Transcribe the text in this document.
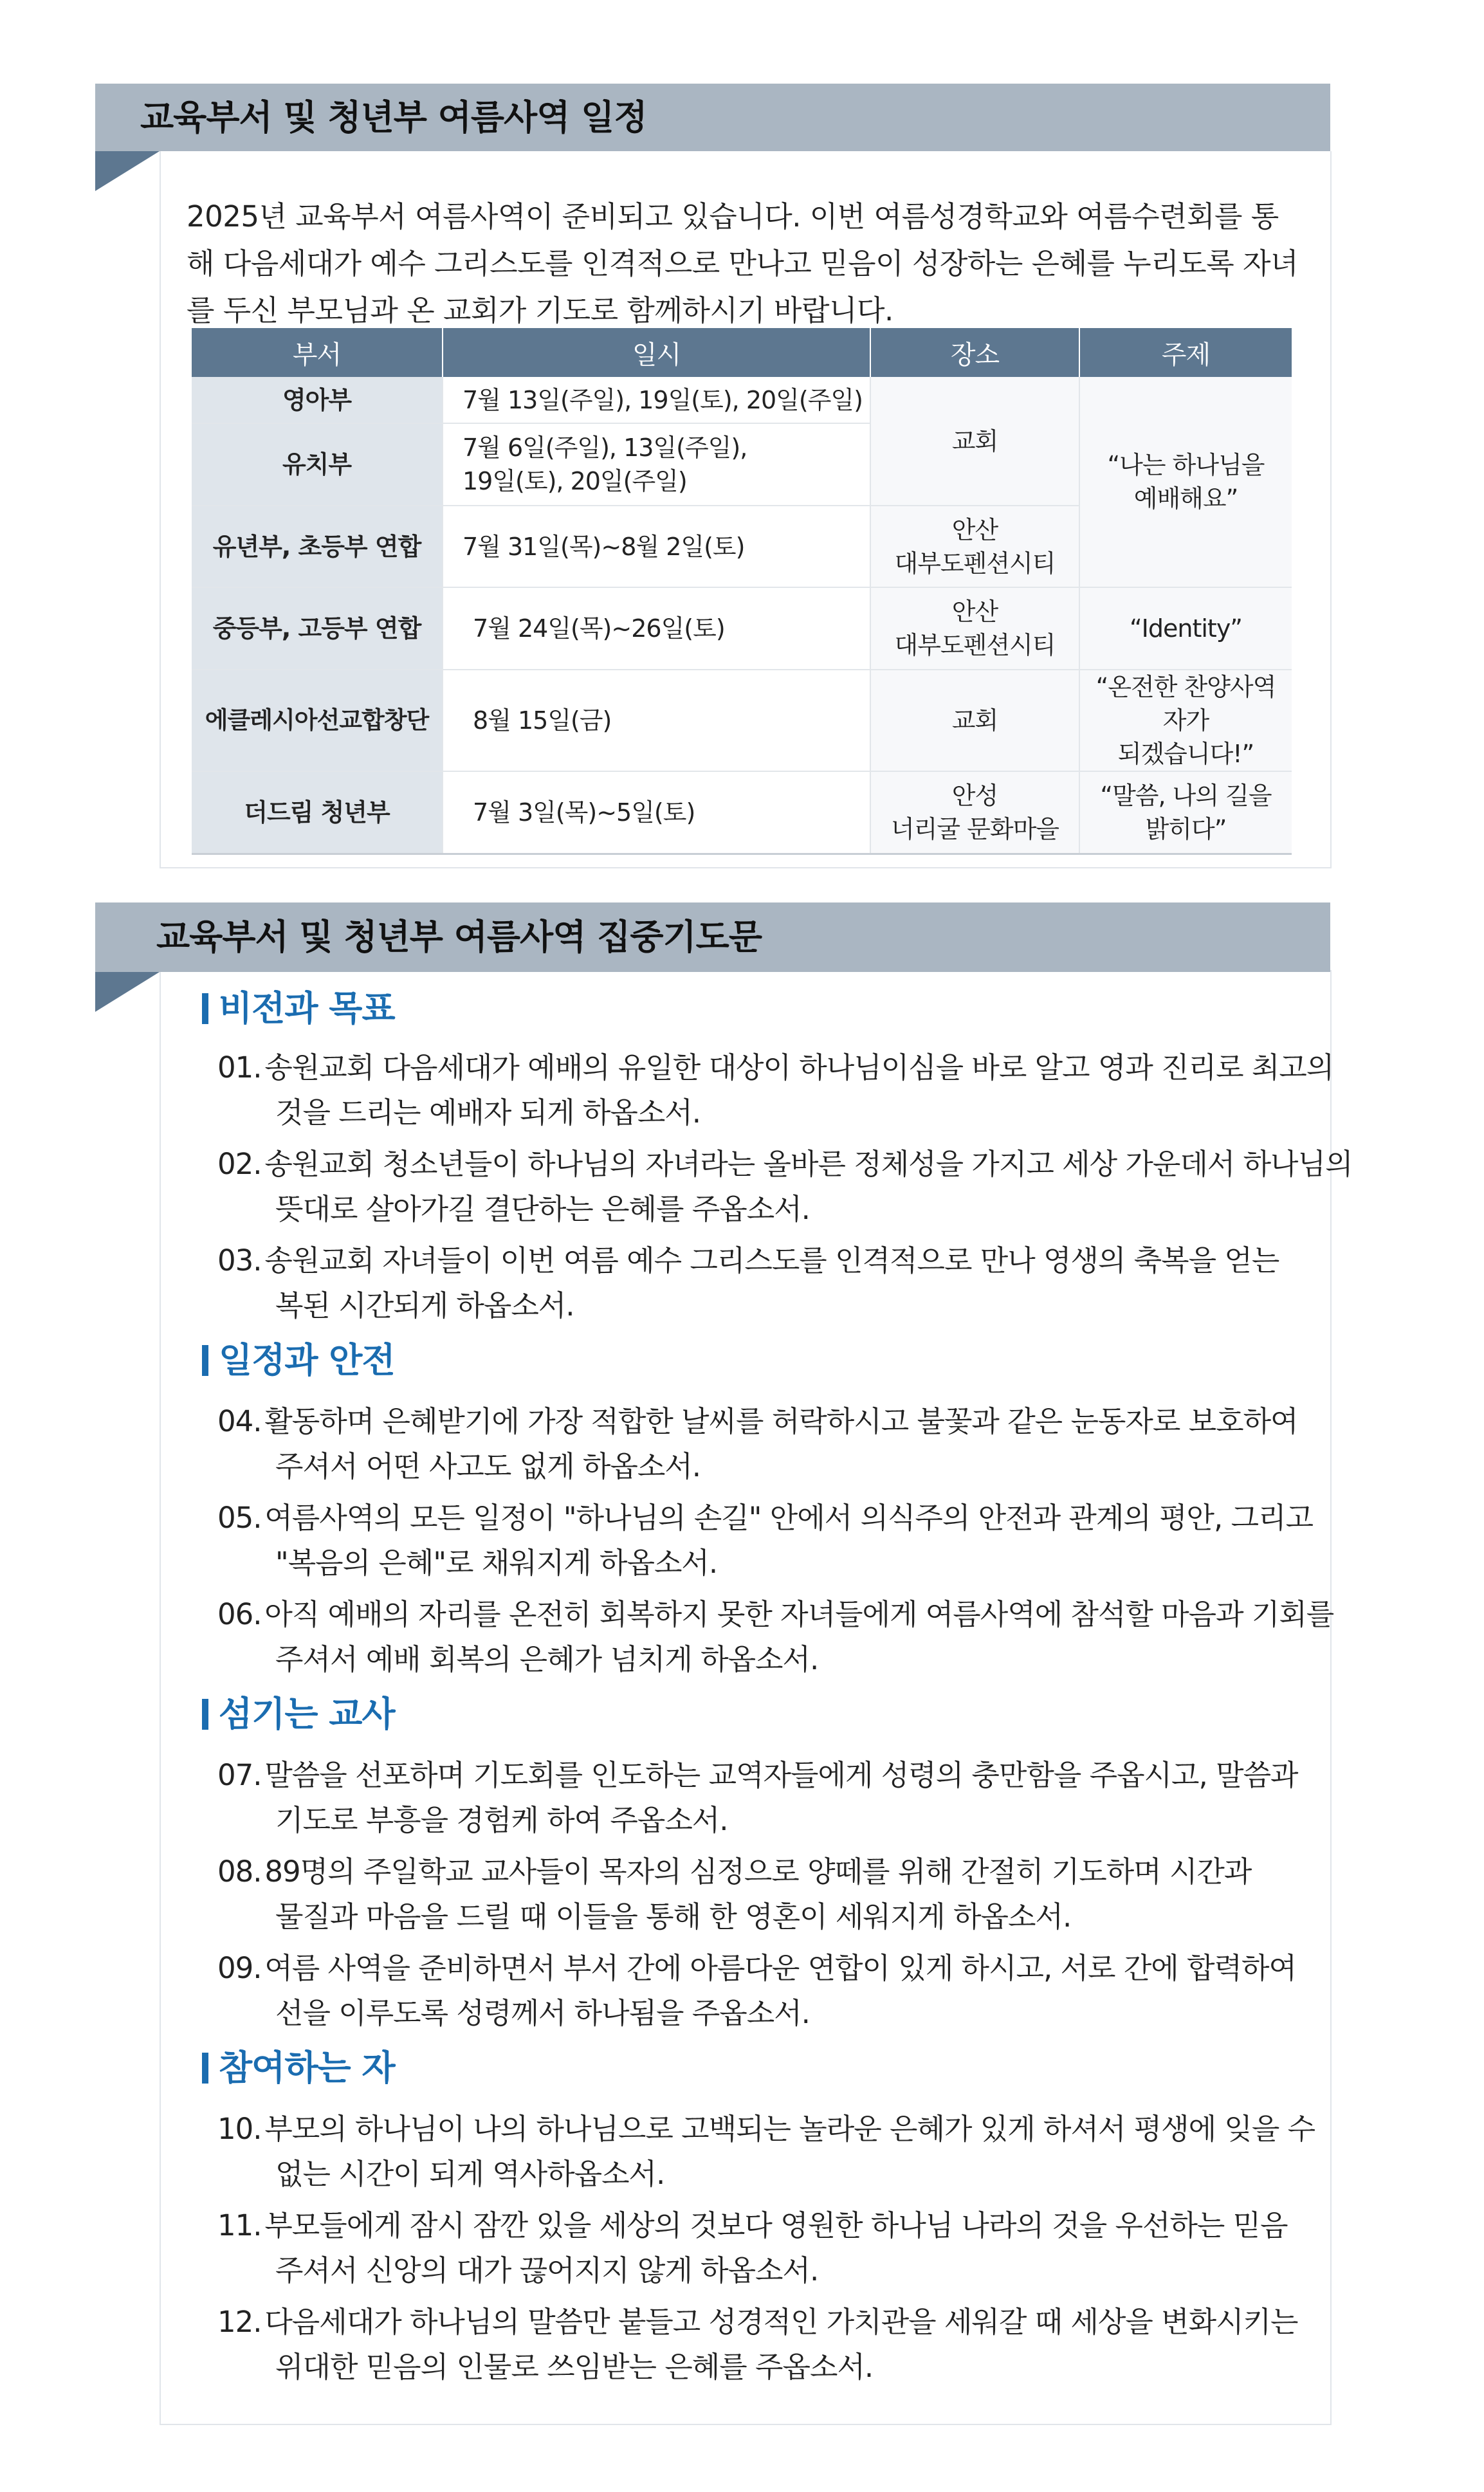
교육부서 및 청년부 여름사역 일정

2025년 교육부서 여름사역이 준비되고 있습니다. 이번 여름성경학교와 여름수련회를 통해 다음세대가 예수 그리스도를 인격적으로 만나고 믿음이 성장하는 은혜를 누리도록 자녀를 두신 부모님과 온 교회가 기도로 함께하시기 바랍니다.

부서	일시	장소	주제
영아부	7월 13일(주일), 19일(토), 20일(주일)	교회	“나는 하나님을
예배해요”
유치부	7월 6일(주일), 13일(주일),
19일(토), 20일(주일)		
유년부, 초등부 연합	7월 31일(목)~8월 2일(토)	안산
대부도펜션시티	
중등부, 고등부 연합	7월 24일(목)~26일(토)	안산
대부도펜션시티	“Identity”
에클레시아선교합창단	8월 15일(금)	교회	“온전한 찬양사역자가
되겠습니다!”
더드림 청년부	7월 3일(목)~5일(토)	안성
너리굴 문화마을	“말씀, 나의 길을
밝히다”
교육부서 및 청년부 여름사역 집중기도문
비전과 목표

01. 송원교회 다음세대가 예배의 유일한 대상이 하나님이심을 바로 알고 영과 진리로 최고의
것을 드리는 예배자 되게 하옵소서.

02. 송원교회 청소년들이 하나님의 자녀라는 올바른 정체성을 가지고 세상 가운데서 하나님의
뜻대로 살아가길 결단하는 은혜를 주옵소서.

03. 송원교회 자녀들이 이번 여름 예수 그리스도를 인격적으로 만나 영생의 축복을 얻는
복된 시간되게 하옵소서.

일정과 안전

04. 활동하며 은혜받기에 가장 적합한 날씨를 허락하시고 불꽃과 같은 눈동자로 보호하여
주셔서 어떤 사고도 없게 하옵소서.

05. 여름사역의 모든 일정이 "하나님의 손길" 안에서 의식주의 안전과 관계의 평안, 그리고
"복음의 은혜"로 채워지게 하옵소서.

06. 아직 예배의 자리를 온전히 회복하지 못한 자녀들에게 여름사역에 참석할 마음과 기회를
주셔서 예배 회복의 은혜가 넘치게 하옵소서.

섬기는 교사

07. 말씀을 선포하며 기도회를 인도하는 교역자들에게 성령의 충만함을 주옵시고, 말씀과
기도로 부흥을 경험케 하여 주옵소서.

08. 89명의 주일학교 교사들이 목자의 심정으로 양떼를 위해 간절히 기도하며 시간과
물질과 마음을 드릴 때 이들을 통해 한 영혼이 세워지게 하옵소서.

09. 여름 사역을 준비하면서 부서 간에 아름다운 연합이 있게 하시고, 서로 간에 합력하여
선을 이루도록 성령께서 하나됨을 주옵소서.

참여하는 자

10. 부모의 하나님이 나의 하나님으로 고백되는 놀라운 은혜가 있게 하셔서 평생에 잊을 수
없는 시간이 되게 역사하옵소서.

11. 부모들에게 잠시 잠깐 있을 세상의 것보다 영원한 하나님 나라의 것을 우선하는 믿음
주셔서 신앙의 대가 끊어지지 않게 하옵소서.

12. 다음세대가 하나님의 말씀만 붙들고 성경적인 가치관을 세워갈 때 세상을 변화시키는
위대한 믿음의 인물로 쓰임받는 은혜를 주옵소서.
